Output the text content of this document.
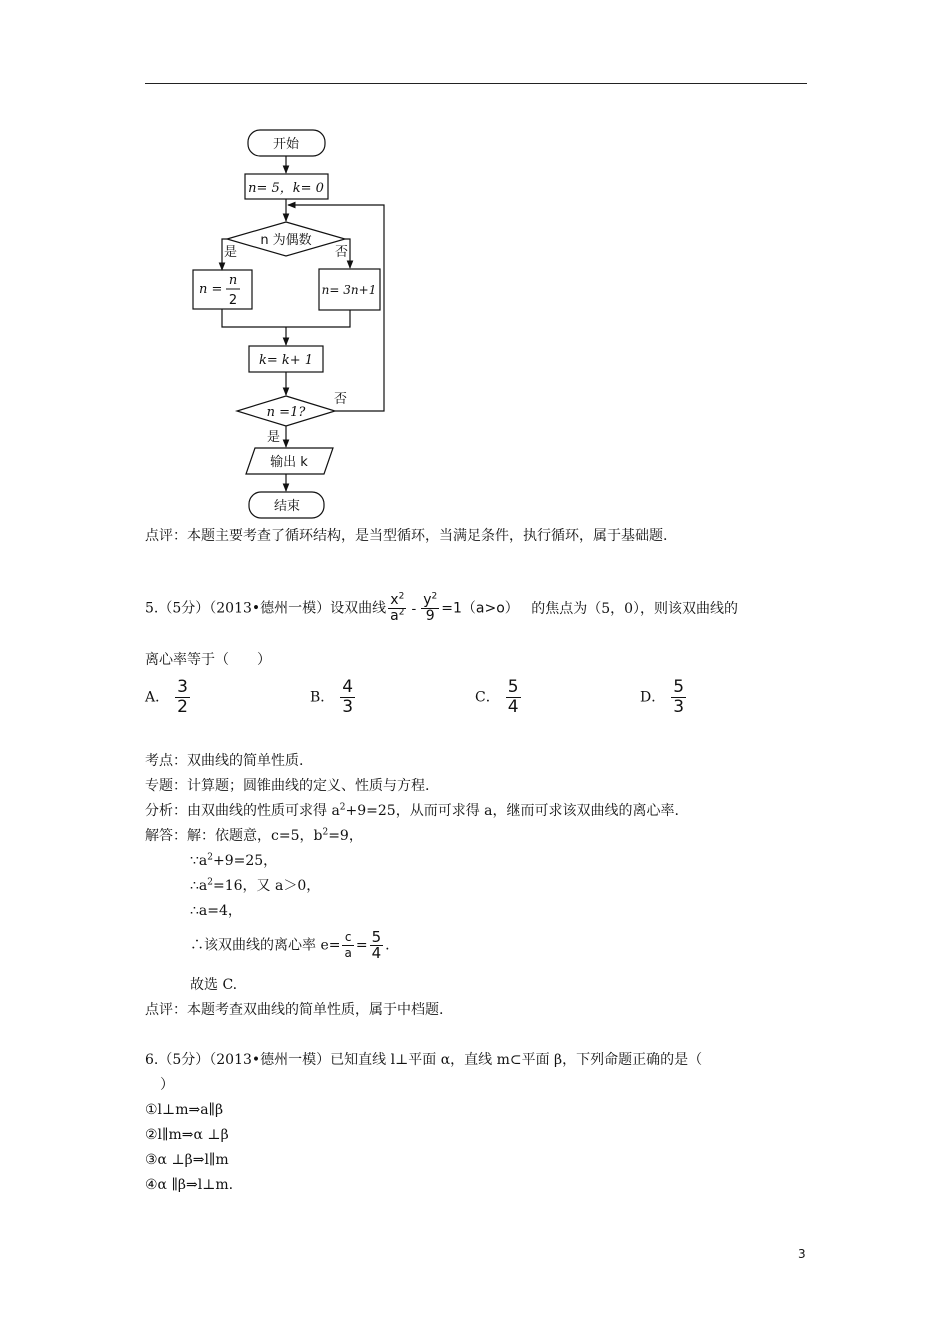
开始
n= 5，k= 0
n 为偶数
是	否
n =
n
2
n= 3n+1
k= k+ 1
n =1?
否
是
输出 k
结束
点评：本题主要考查了循环结构，是当型循环，当满足条件，执行循环，属于基础题.
5.（5分）（2013•德州一模）设双曲线 $\frac{x^2}{a^2} - \frac{y^2}{9} =1(a>o)$ 的焦点为（5，0），则该双曲线的
离心率等于（　　）
A． $\frac{3}{2}$	B． $\frac{4}{3}$	C． $\frac{5}{4}$	D． $\frac{5}{3}$
考点：双曲线的简单性质.
专题：计算题；圆锥曲线的定义、性质与方程.
分析：由双曲线的性质可求得 $a^2+9=25$，从而可求得 a，继而可求该双曲线的离心率.
解答：解：依题意，c=5，$b^2=9$，
$\because a^2+9=25$，
$\therefore a^2=16$，又 a＞0，
∴a=4，
∴该双曲线的离心率 $e= \frac{c}{a} = \frac{5}{4}$ .
故选 C.
点评：本题考查双曲线的简单性质，属于中档题.
6.（5分）（2013•德州一模）已知直线 l⊥平面 α，直线 m⊂平面 β，下列命题正确的是（
）
①l⊥m⇒a∥β
②l∥m⇒α ⊥β
③α ⊥β⇒l∥m
④α ∥β⇒l⊥m.
3
